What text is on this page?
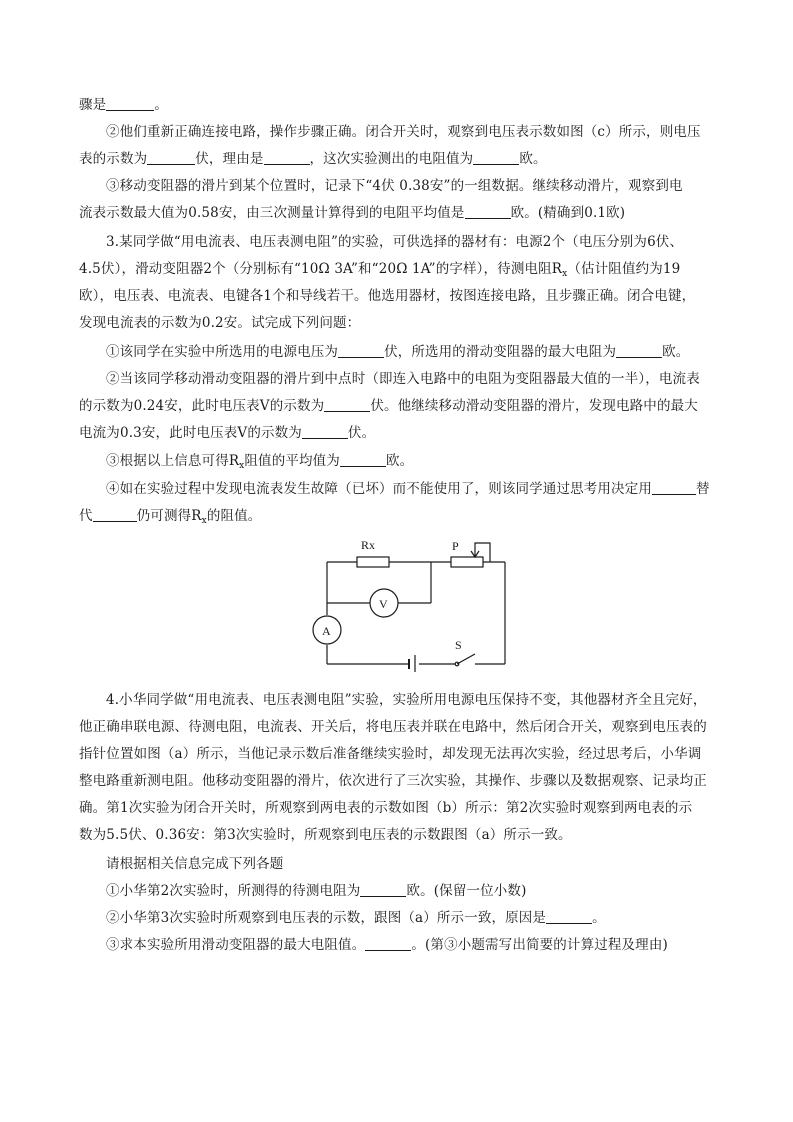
骤是	。

②他们重新正确连接电路，操作步骤正确。闭合开关时，观察到电压表示数如图（c）所示，则电压

表的示数为	伏，理由是	，这次实验测出的电阻值为	欧。

③移动变阻器的滑片到某个位置时，记录下“4伏 0.38安”的一组数据。继续移动滑片，观察到电

流表示数最大值为0.58安，由三次测量计算得到的电阻平均值是	欧。(精确到0.1欧)

3.某同学做“用电流表、电压表测电阻”的实验，可供选择的器材有：电源2个（电压分别为6伏、

4.5伏），滑动变阻器2个（分别标有“10Ω 3A”和“20Ω 1A”的字样），待测电阻$R_x$（估计阻值约为19

欧），电压表、电流表、电键各1个和导线若干。他选用器材，按图连接电路，且步骤正确。闭合电键，

发现电流表的示数为0.2安。试完成下列问题：

①该同学在实验中所选用的电源电压为	伏，所选用的滑动变阻器的最大电阻为	欧。

②当该同学移动滑动变阻器的滑片到中点时（即连入电路中的电阻为变阻器最大值的一半），电流表

的示数为0.24安，此时电压表V的示数为	伏。他继续移动滑动变阻器的滑片，发现电路中的最大

电流为0.3安，此时电压表V的示数为	伏。

③根据以上信息可得$R_x$阻值的平均值为	欧。

④如在实验过程中发现电流表发生故障（已坏）而不能使用了，则该同学通过思考用决定用	替

代	仍可测得$R_x$的阻值。

Rx	P
V
A
S

4.小华同学做“用电流表、电压表测电阻”实验，实验所用电源电压保持不变，其他器材齐全且完好，

他正确串联电源、待测电阻，电流表、开关后，将电压表并联在电路中，然后闭合开关，观察到电压表的

指针位置如图（a）所示，当他记录示数后准备继续实验时，却发现无法再次实验，经过思考后，小华调

整电路重新测电阻。他移动变阻器的滑片，依次进行了三次实验，其操作、步骤以及数据观察、记录均正

确。第1次实验为闭合开关时，所观察到两电表的示数如图（b）所示：第2次实验时观察到两电表的示

数为5.5伏、0.36安：第3次实验时，所观察到电压表的示数跟图（a）所示一致。

请根据相关信息完成下列各题

①小华第2次实验时，所测得的待测电阻为	欧。(保留一位小数)

②小华第3次实验时所观察到电压表的示数，跟图（a）所示一致，原因是	。

③求本实验所用滑动变阻器的最大电阻值。	。(第③小题需写出简要的计算过程及理由)
